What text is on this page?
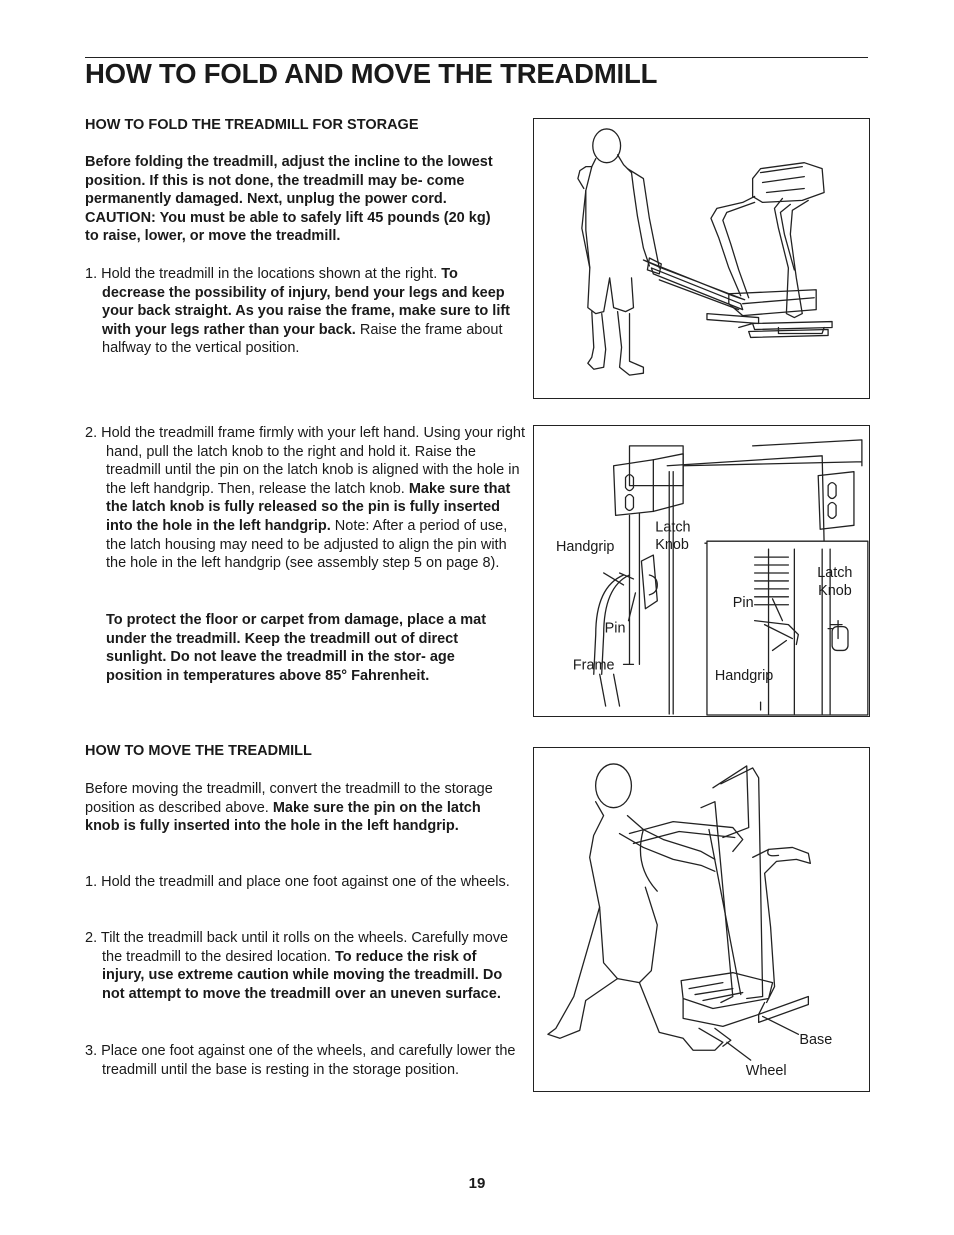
HOW TO FOLD AND MOVE THE TREADMILL

HOW TO FOLD THE TREADMILL FOR STORAGE

Before folding the treadmill, adjust the incline to the lowest position. If this is not done, the treadmill may be- come permanently damaged. Next, unplug the power cord. CAUTION: You must be able to safely lift 45 pounds (20 kg) to raise, lower, or move the treadmill.

1. Hold the treadmill in the locations shown at the right. To decrease the possibility of injury, bend your legs and keep your back straight. As you raise the frame, make sure to lift with your legs rather than your back. Raise the frame about halfway to the vertical position.

2. Hold the treadmill frame firmly with your left hand. Using your right hand, pull the latch knob to the right and hold it. Raise the treadmill until the pin on the latch knob is aligned with the hole in the left handgrip. Then, release the latch knob. Make sure that the latch knob is fully released so the pin is fully inserted into the hole in the left handgrip. Note: After a period of use, the latch housing may need to be adjusted to align the pin with the hole in the left handgrip (see assembly step 5 on page 8).

To protect the floor or carpet from damage, place a mat under the treadmill. Keep the treadmill out of direct sunlight. Do not leave the treadmill in the stor- age position in temperatures above 85° Fahrenheit.

HOW TO MOVE THE TREADMILL

Before moving the treadmill, convert the treadmill to the storage position as described above. Make sure the pin on the latch knob is fully inserted into the hole in the left handgrip.

1. Hold the treadmill and place one foot against one of the wheels.

2. Tilt the treadmill back until it rolls on the wheels. Carefully move the treadmill to the desired location. To reduce the risk of injury, use extreme caution while moving the treadmill. Do not attempt to move the treadmill over an uneven surface.

3. Place one foot against one of the wheels, and carefully lower the treadmill until the base is resting in the storage position.

Handgrip
Latch
Knob
Pin
Frame
Latch
Knob
Pin
Handgrip
Base
Wheel
19
